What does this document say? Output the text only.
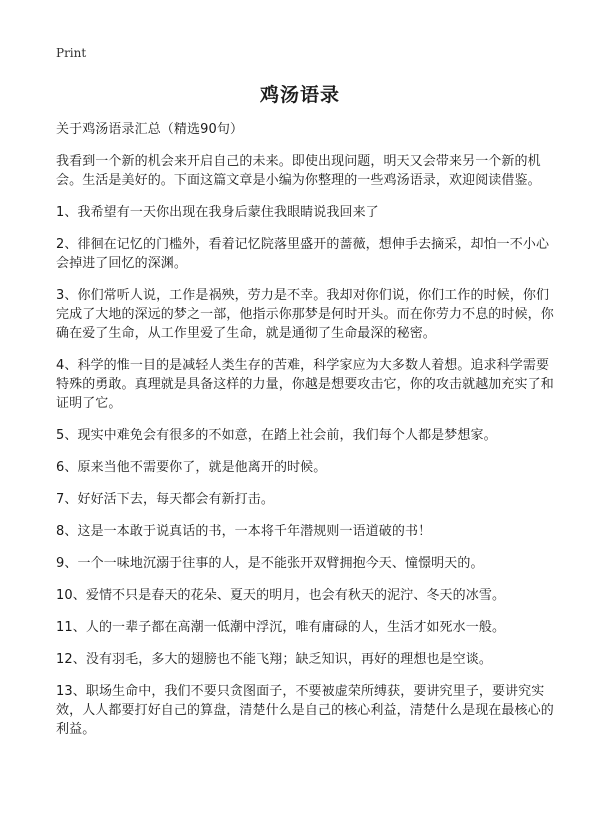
Print
鸡汤语录

关于鸡汤语录汇总（精选90句）

我看到一个新的机会来开启自己的未来。即使出现问题，明天又会带来另一个新的机会。生活是美好的。下面这篇文章是小编为你整理的一些鸡汤语录，欢迎阅读借鉴。

1、我希望有一天你出现在我身后蒙住我眼睛说我回来了

2、徘徊在记忆的门槛外，看着记忆院落里盛开的蔷薇，想伸手去摘采，却怕一不小心会掉进了回忆的深渊。

3、你们常听人说，工作是祸殃，劳力是不幸。我却对你们说，你们工作的时候，你们完成了大地的深远的梦之一部，他指示你那梦是何时开头。而在你劳力不息的时候，你确在爱了生命，从工作里爱了生命，就是通彻了生命最深的秘密。

4、科学的惟一目的是减轻人类生存的苦难，科学家应为大多数人着想。追求科学需要特殊的勇敢。真理就是具备这样的力量，你越是想要攻击它，你的攻击就越加充实了和证明了它。

5、现实中难免会有很多的不如意，在踏上社会前，我们每个人都是梦想家。

6、原来当他不需要你了，就是他离开的时候。

7、好好活下去，每天都会有新打击。

8、这是一本敢于说真话的书，一本将千年潜规则一语道破的书！

9、一个一味地沉溺于往事的人，是不能张开双臂拥抱今天、憧憬明天的。

10、爱情不只是春天的花朵、夏天的明月，也会有秋天的泥泞、冬天的冰雪。

11、人的一辈子都在高潮一低潮中浮沉，唯有庸碌的人，生活才如死水一般。

12、没有羽毛，多大的翅膀也不能飞翔；缺乏知识，再好的理想也是空谈。

13、职场生命中，我们不要只贪图面子，不要被虚荣所缚获，要讲究里子，要讲究实效，人人都要打好自己的算盘，清楚什么是自己的核心利益，清楚什么是现在最核心的利益。
